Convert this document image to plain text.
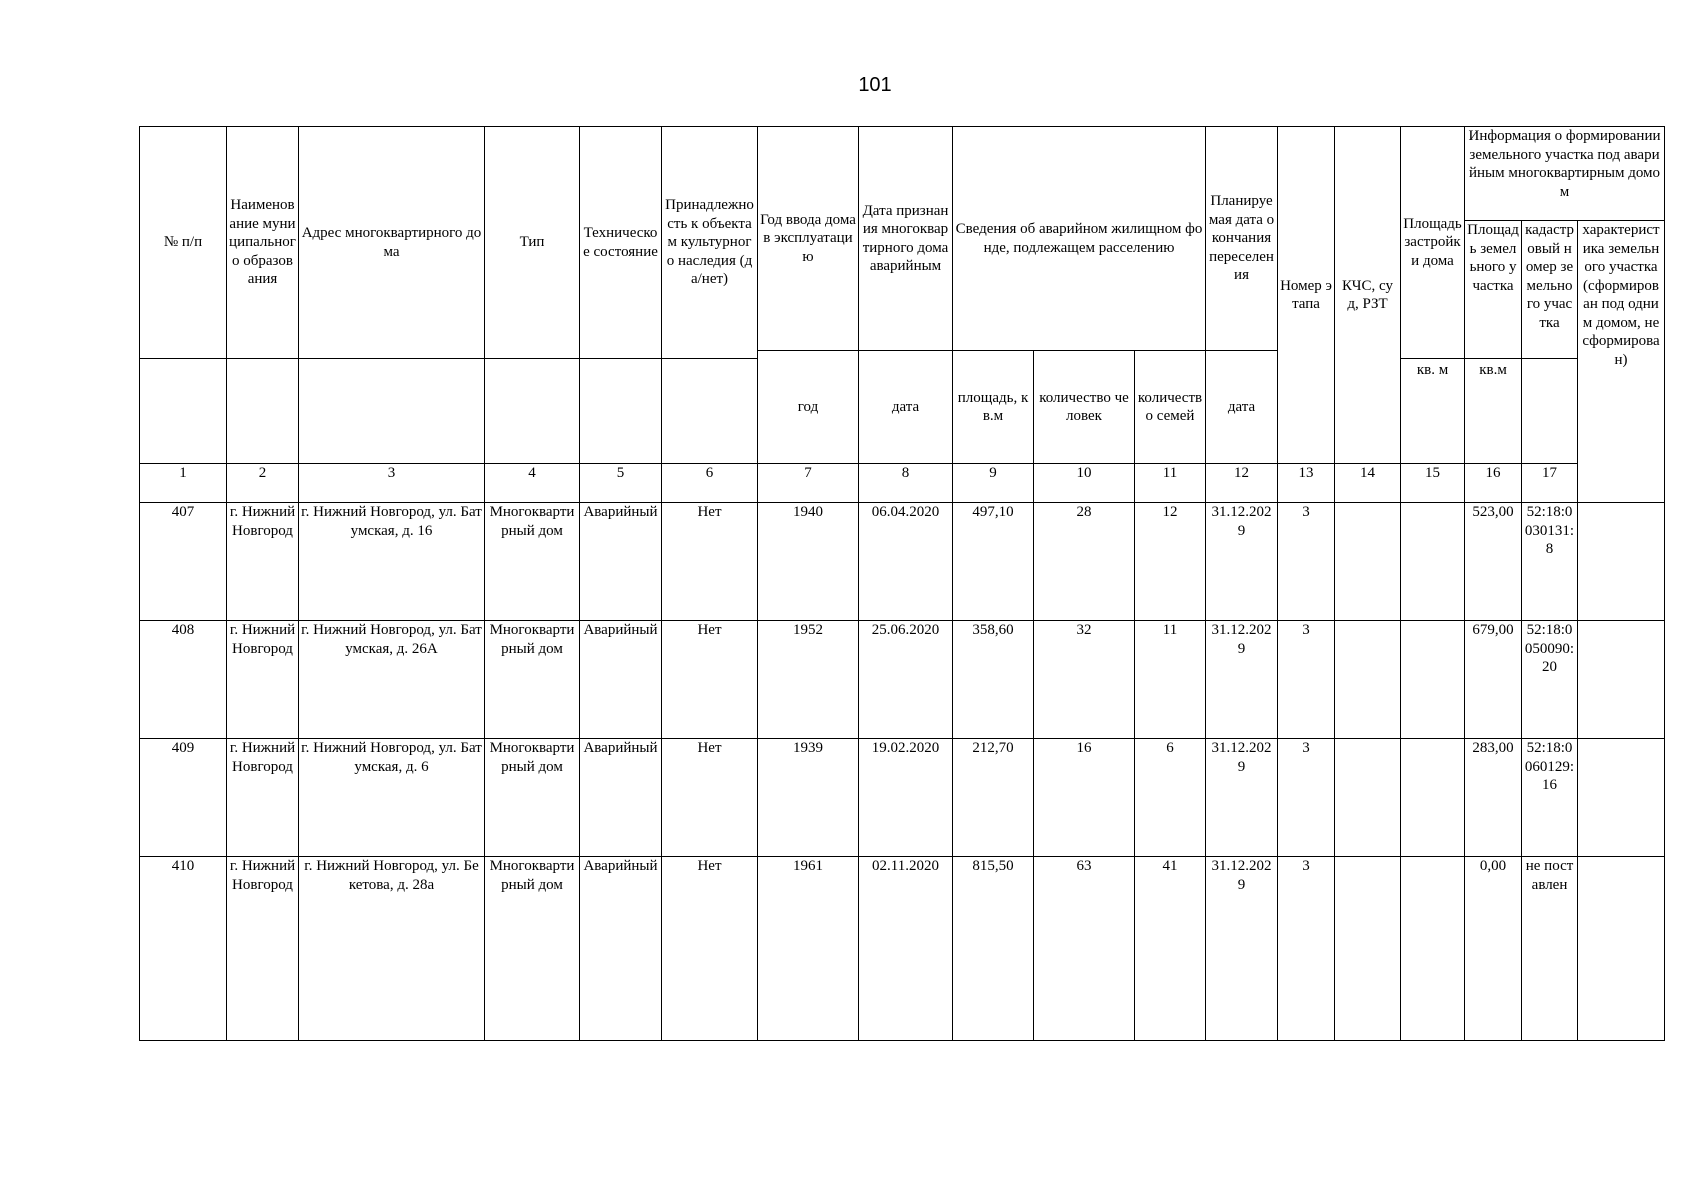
101
№ п/п	Наименование муниципального образования	Адрес многоквартирного дома	Тип	Техническое состояние	Принадлежность к объектам культурного наследия (да/нет)	Год ввода дома в эксплуатацию	Дата признания многоквартирного дома аварийным	Сведения об аварийном жилищном фонде, подлежащем расселению			Планируемая дата окончания переселения	Номер этапа	КЧС, суд, РЗТ	Площадь застройки дома	Информация о формировании земельного участка под аварийным многоквартирным домом			
															Площадь земельного участка	кадастровый номер земельного участка	характеристика земельного участка (сформирован под одним домом, не сформирован)	
						год	дата	площадь, кв.м	количество человек	количество семей	дата							
														кв. м	кв.м			
1	2	3	4	5	6	7	8	9	10	11	12	13	14	15	16	17	
407	г. Нижний Новгород	г. Нижний Новгород, ул. Батумская, д. 16	Многоквартирный дом	Аварийный	Нет	1940	06.04.2020	497,10	28	12	31.12.2029	3			523,00	52:18:0030131:8		
408	г. Нижний Новгород	г. Нижний Новгород, ул. Батумская, д. 26А	Многоквартирный дом	Аварийный	Нет	1952	25.06.2020	358,60	32	11	31.12.2029	3			679,00	52:18:0050090:20		
409	г. Нижний Новгород	г. Нижний Новгород, ул. Батумская, д. 6	Многоквартирный дом	Аварийный	Нет	1939	19.02.2020	212,70	16	6	31.12.2029	3			283,00	52:18:0060129:16		
410	г. Нижний Новгород	г. Нижний Новгород, ул. Бекетова, д. 28а	Многоквартирный дом	Аварийный	Нет	1961	02.11.2020	815,50	63	41	31.12.2029	3			0,00	не поставлен		
